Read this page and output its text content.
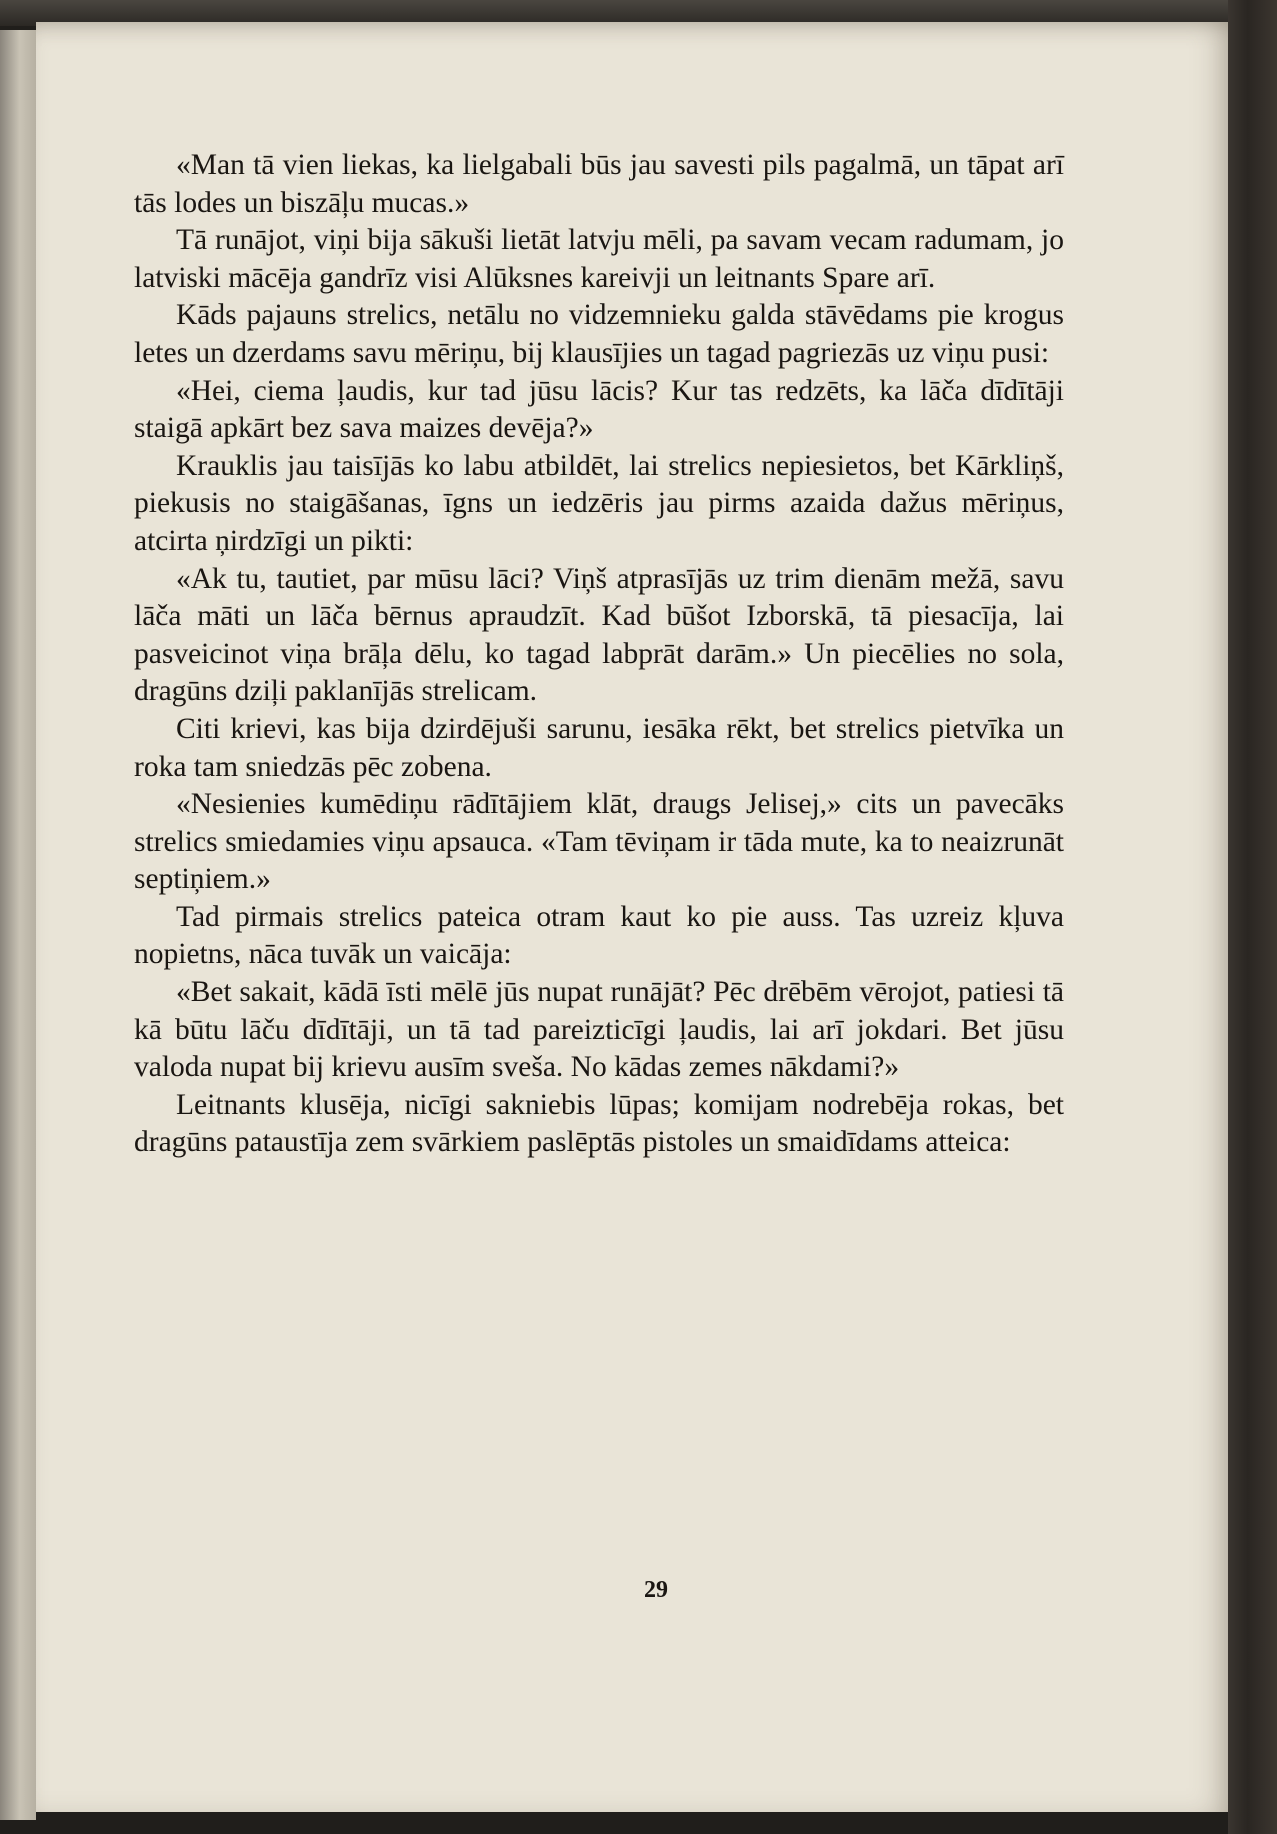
«Man tā vien liekas, ka lielgabali būs jau savesti pils pagalmā, un tāpat arī tās lodes un biszāļu mucas.»

Tā runājot, viņi bija sākuši lietāt latvju mēli, pa savam vecam radumam, jo latviski mācēja gandrīz visi Alūksnes kareivji un leitnants Spare arī.

Kāds pajauns strelics, netālu no vidzemnieku galda stāvēdams pie krogus letes un dzerdams savu mēriņu, bij klausījies un tagad pagriezās uz viņu pusi:

«Hei, ciema ļaudis, kur tad jūsu lācis? Kur tas redzēts, ka lāča dīdītāji staigā apkārt bez sava maizes devēja?»

Krauklis jau taisījās ko labu atbildēt, lai strelics nepiesietos, bet Kārkliņš, piekusis no staigāšanas, īgns un iedzēris jau pirms azaida dažus mēriņus, atcirta ņirdzīgi un pikti:

«Ak tu, tautiet, par mūsu lāci? Viņš atprasījās uz trim dienām mežā, savu lāča māti un lāča bērnus apraudzīt. Kad būšot Izborskā, tā piesacīja, lai pasveicinot viņa brāļa dēlu, ko tagad labprāt darām.» Un piecēlies no sola, dragūns dziļi paklanījās strelicam.

Citi krievi, kas bija dzirdējuši sarunu, iesāka rēkt, bet strelics pietvīka un roka tam sniedzās pēc zobena.

«Nesienies kumēdiņu rādītājiem klāt, draugs Jelisej,» cits un pavecāks strelics smiedamies viņu apsauca. «Tam tēviņam ir tāda mute, ka to neaizrunāt septiņiem.»

Tad pirmais strelics pateica otram kaut ko pie auss. Tas uzreiz kļuva nopietns, nāca tuvāk un vaicāja:

«Bet sakait, kādā īsti mēlē jūs nupat runājāt? Pēc drēbēm vērojot, patiesi tā kā būtu lāču dīdītāji, un tā tad pareizticīgi ļaudis, lai arī jokdari. Bet jūsu valoda nupat bij krievu ausīm sveša. No kādas zemes nākdami?»

Leitnants klusēja, nicīgi sakniebis lūpas; komijam nodrebēja rokas, bet dragūns pataustīja zem svārkiem paslēptās pistoles un smaidīdams atteica:

29
